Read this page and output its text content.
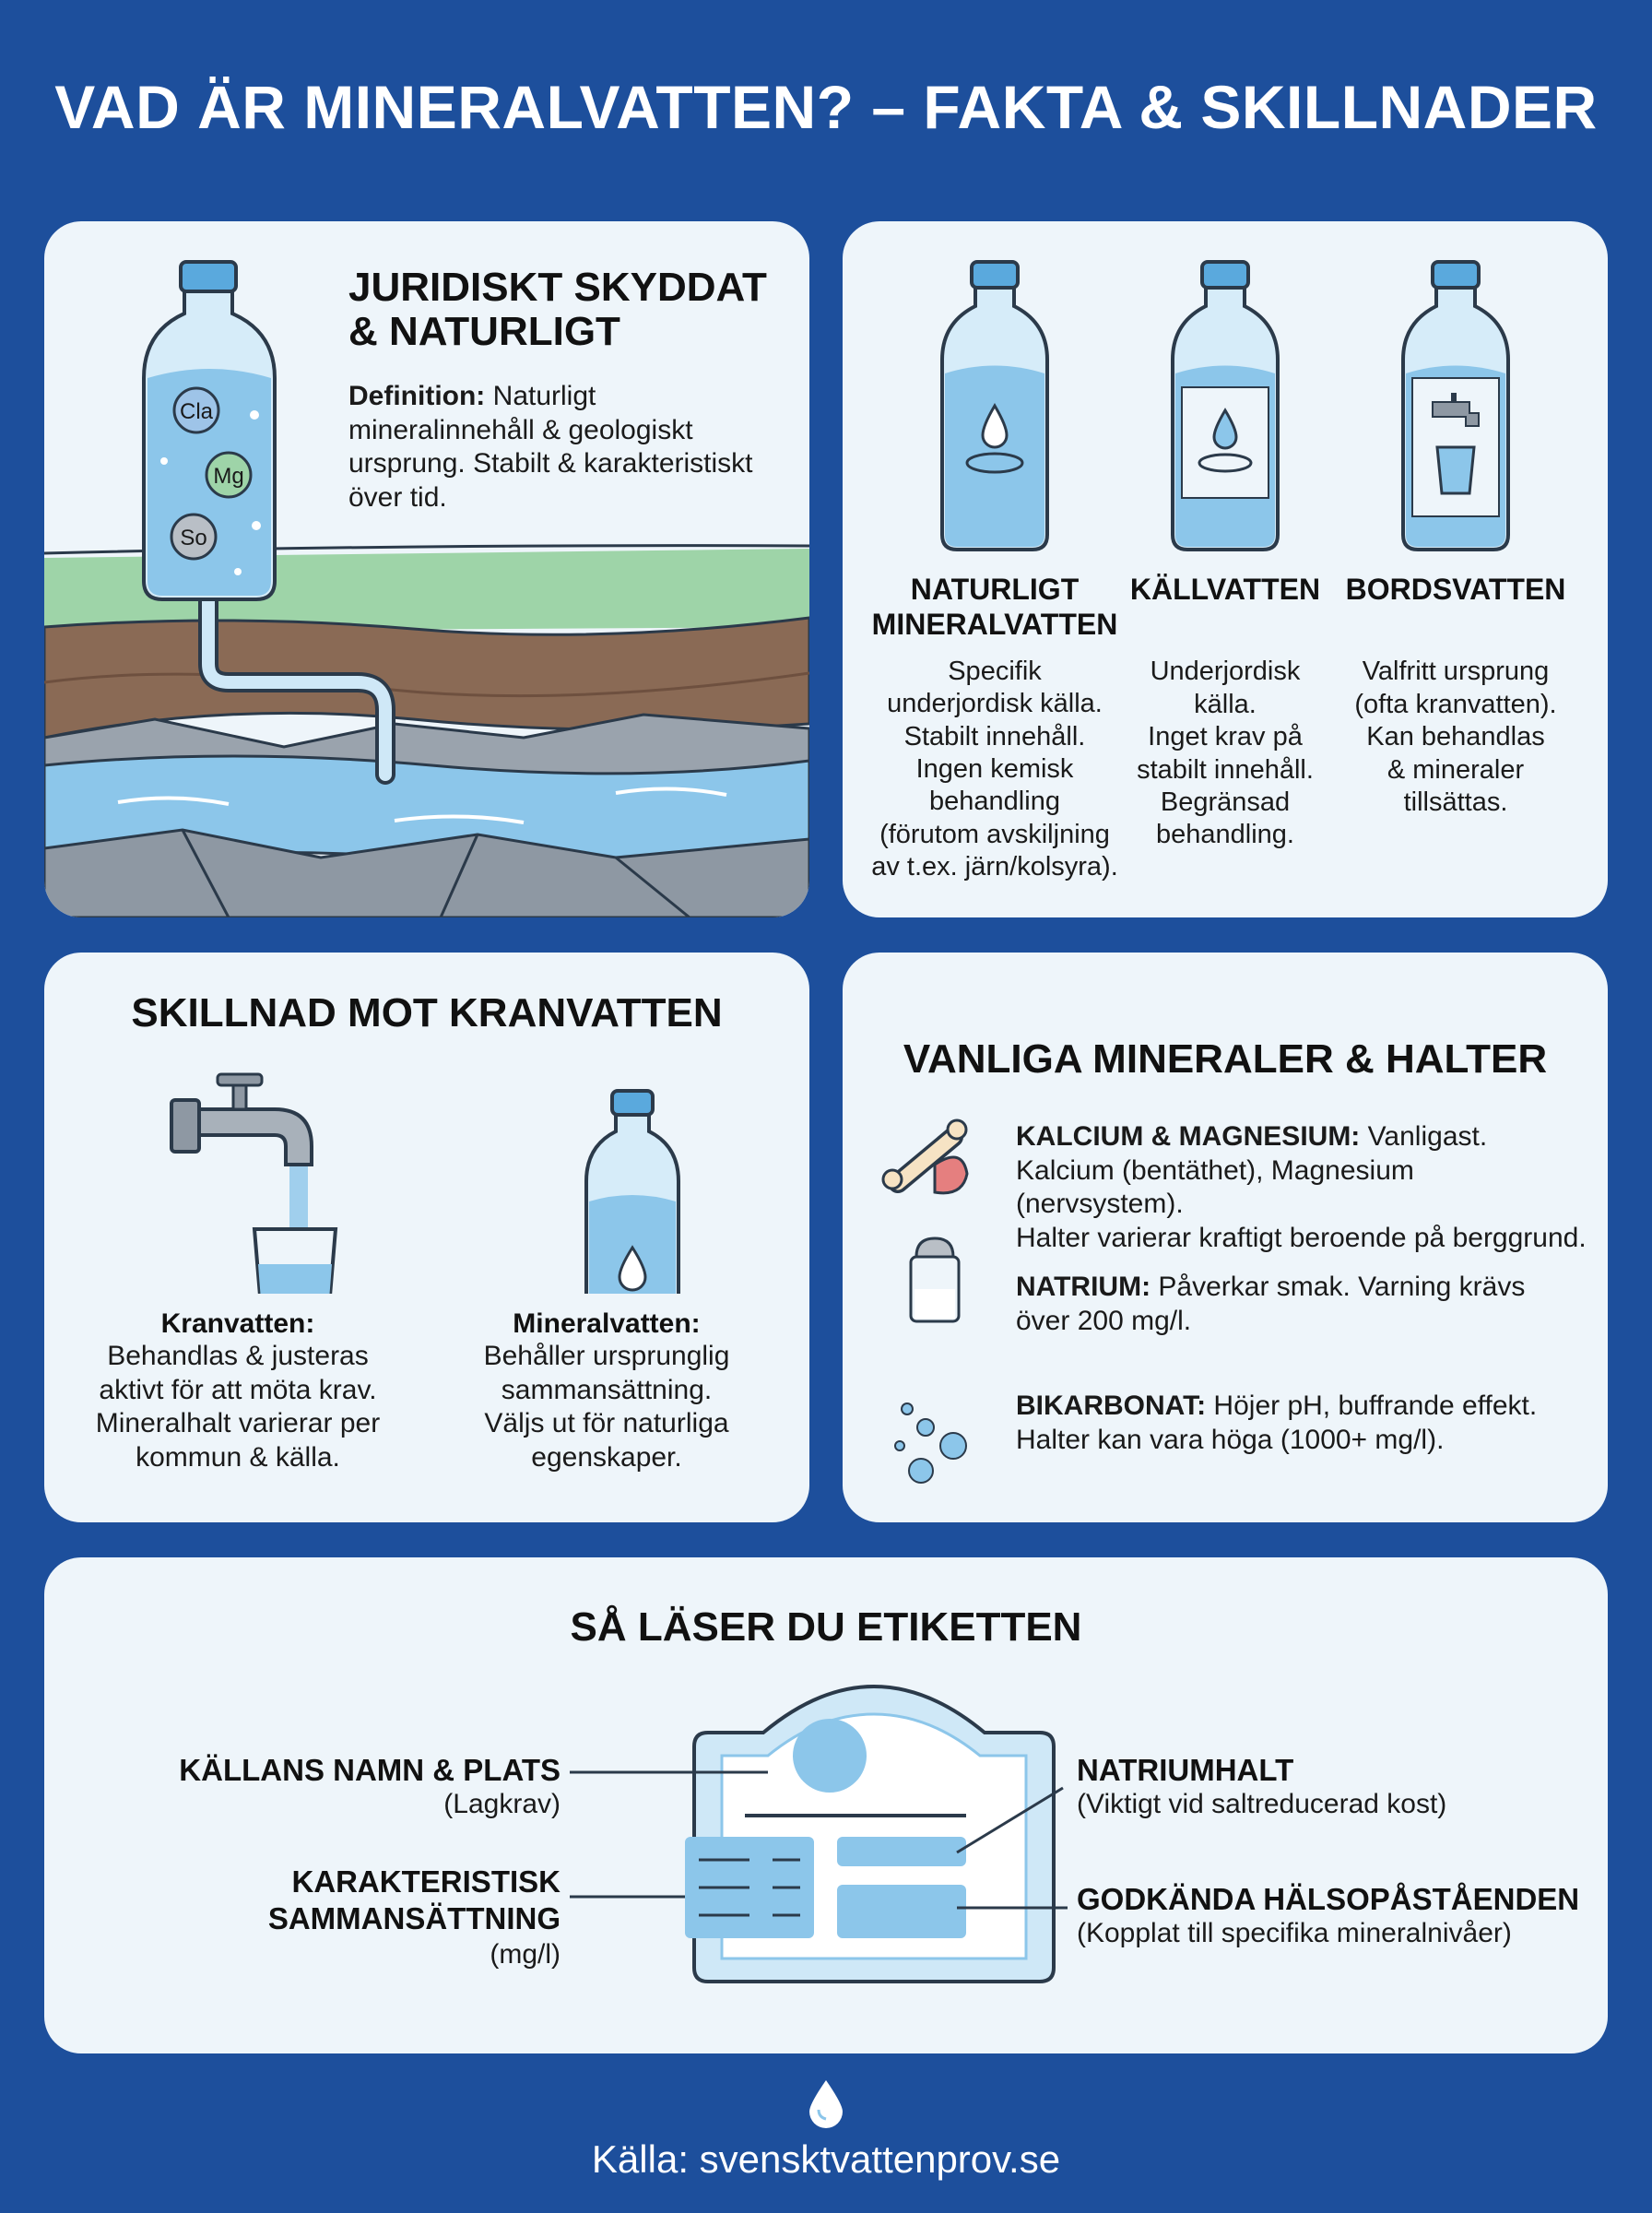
VAD ÄR MINERALVATTEN? – FAKTA & SKILLNADER
Cla
Mg
So
JURIDISKT SKYDDAT
& NATURLIGT
Definition: Naturligt mineralinnehåll & geologiskt ursprung. Stabilt & karakteristiskt över tid.
NATURLIGT
MINERALVATTEN
Specifik
underjordisk källa.
Stabilt innehåll.
Ingen kemisk
behandling
(förutom avskiljning
av t.ex. järn/kolsyra).
KÄLLVATTEN
Underjordisk
källa.
Inget krav på
stabilt innehåll.
Begränsad
behandling.
BORDSVATTEN
Valfritt ursprung
(ofta kranvatten).
Kan behandlas
& mineraler
tillsättas.
SKILLNAD MOT KRANVATTEN
Kranvatten:
Behandlas & justeras
aktivt för att möta krav.
Mineralhalt varierar per
kommun & källa.
Mineralvatten:
Behåller ursprunglig
sammansättning.
Väljs ut för naturliga
egenskaper.
VANLIGA MINERALER & HALTER
KALCIUM & MAGNESIUM: Vanligast.
Kalcium (bentäthet), Magnesium (nervsystem).
Halter varierar kraftigt beroende på berggrund.
NATRIUM: Påverkar smak. Varning krävs
över 200 mg/l.
BIKARBONAT: Höjer pH, buffrande effekt.
Halter kan vara höga (1000+ mg/l).
SÅ LÄSER DU ETIKETTEN
KÄLLANS NAMN & PLATS
(Lagkrav)
KARAKTERISTISK
SAMMANSÄTTNING
(mg/l)
NATRIUMHALT
(Viktigt vid saltreducerad kost)
GODKÄNDA HÄLSOPÅSTÅENDEN
(Kopplat till specifika mineralnivåer)
Källa: svensktvattenprov.se
